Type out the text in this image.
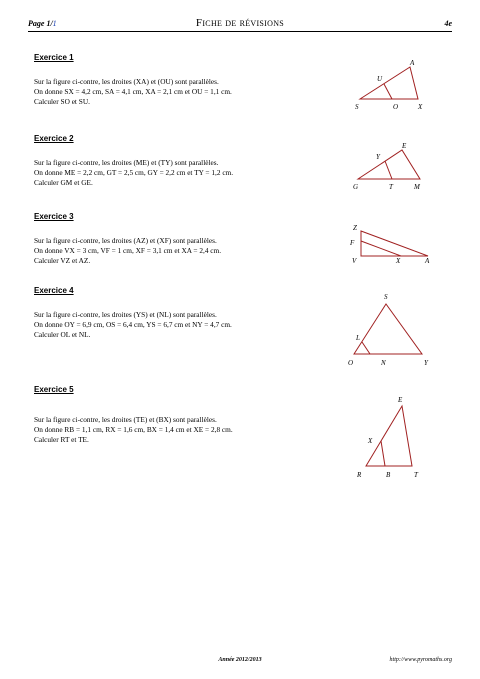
Page 1/1	Fiche de révisions	4e
Exercice 1
Sur la figure ci-contre, les droites (XA) et (OU) sont parallèles.
On donne SX = 4,2 cm, SA = 4,1 cm, XA = 2,1 cm et OU = 1,1 cm.
Calculer SO et SU.
A
U
S	O	X
Exercice 2
Sur la figure ci-contre, les droites (ME) et (TY) sont parallèles.
On donne ME = 2,2 cm, GT = 2,5 cm, GY = 2,2 cm et TY = 1,2 cm.
Calculer GM et GE.
E
Y
G	T	M
Exercice 3
Sur la figure ci-contre, les droites (AZ) et (XF) sont parallèles.
On donne VX = 3 cm, VF = 1 cm, XF = 3,1 cm et XA = 2,4 cm.
Calculer VZ et AZ.
Z
F
V	X	A
Exercice 4
Sur la figure ci-contre, les droites (YS) et (NL) sont parallèles.
On donne OY = 6,9 cm, OS = 6,4 cm, YS = 6,7 cm et NY = 4,7 cm.
Calculer OL et NL.
S
L
O	N	Y
Exercice 5
Sur la figure ci-contre, les droites (TE) et (BX) sont parallèles.
On donne RB = 1,1 cm, RX = 1,6 cm, BX = 1,4 cm et XE = 2,8 cm.
Calculer RT et TE.
E
X
R	B	T
Année 2012/2013	http://www.pyromaths.org
